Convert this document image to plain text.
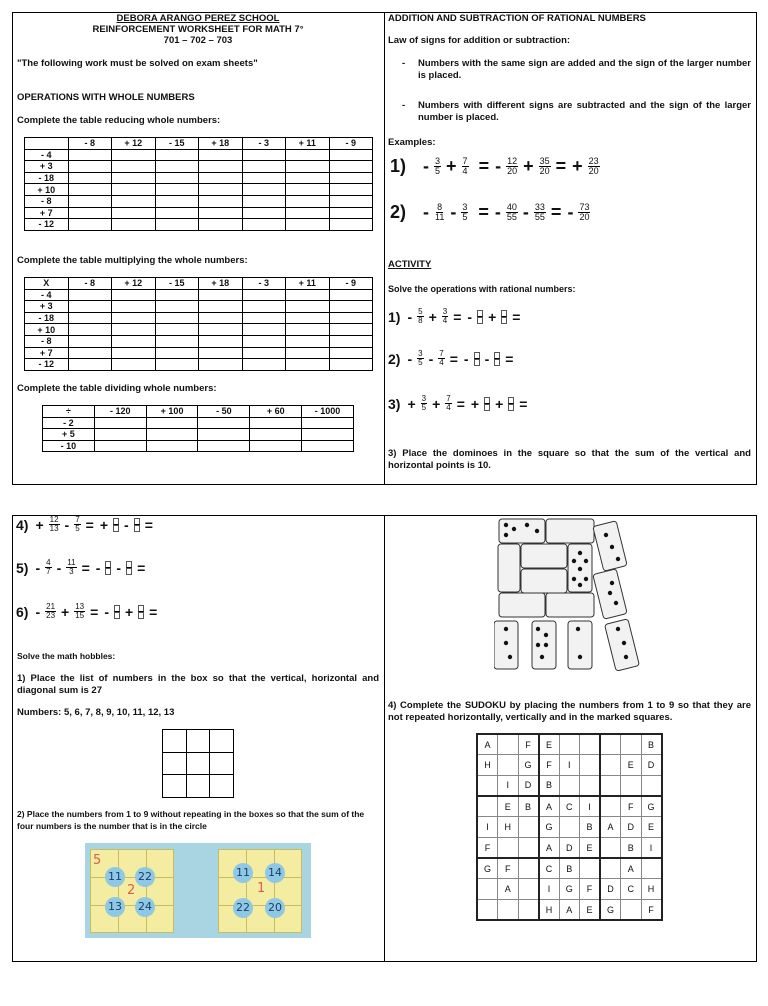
DEBORA ARANGO PEREZ SCHOOL
REINFORCEMENT WORKSHEET FOR MATH 7°
701 – 702 – 703
"The following work must be solved on exam sheets"
OPERATIONS WITH WHOLE NUMBERS
Complete the table reducing whole numbers:
	- 8	+ 12	- 15	+ 18	- 3	+ 11	- 9
- 4							
+ 3							
- 18							
+ 10							
- 8							
+ 7							
- 12							
Complete the table multiplying the whole numbers:
X	- 8	+ 12	- 15	+ 18	- 3	+ 11	- 9
- 4							
+ 3							
- 18							
+ 10							
- 8							
+ 7							
- 12							
Complete the table dividing whole numbers:
÷	- 120	+ 100	- 50	+ 60	- 1000
- 2					
+ 5					
- 10					
ADDITION AND SUBTRACTION OF RATIONAL NUMBERS
Law of signs for addition or subtraction:
- Numbers with the same sign are added and the sign of the larger number is placed.
- Numbers with different signs are subtracted and the sign of the larger number is placed.
Examples:
$1) - \frac{3}{5} + \frac{7}{4}$ = - $\frac{12}{20} + \frac{35}{20}$ = + $\frac{23}{20}$
$2) - \frac{8}{11} - \frac{3}{5}$ = - $\frac{40}{55} - \frac{33}{55}$ = - $\frac{73}{20}$
ACTIVITY
Solve the operations with rational numbers:
$1) - \frac{5}{8} + \frac{3}{4}$ = - + =
$2) - \frac{3}{5} - \frac{7}{4}$ = - - =
$3) + \frac{3}{5} + \frac{7}{4}$ = + + =
3) Place the dominoes in the square so that the sum of the vertical and horizontal points is 10.
$4) + \frac{12}{13} - \frac{7}{5}$ = + - =
$5) - \frac{4}{7} - \frac{11}{3}$ = - - =
$6) - \frac{21}{23} + \frac{13}{15}$ = - + =
Solve the math hobbles:
1) Place the list of numbers in the box so that the vertical, horizontal and diagonal sum is 27
Numbers: 5, 6, 7, 8, 9, 10, 11, 12, 13

2) Place the numbers from 1 to 9 without repeating in the boxes so that the sum of the four numbers is the number that is in the circle
5
2
11 22
13 24
1
11 14
22 20
4) Complete the SUDOKU by placing the numbers from 1 to 9 so that they are not repeated horizontally, vertically and in the marked squares.
A		F	E					B
H		G	F	I			E	D
	I	D	B					
	E	B	A	C	I		F	G
I	H		G		B	A	D	E
F			A	D	E		B	I
G	F		C	B			A	
	A		I	G	F	D	C	H
			H	A	E	G		F
